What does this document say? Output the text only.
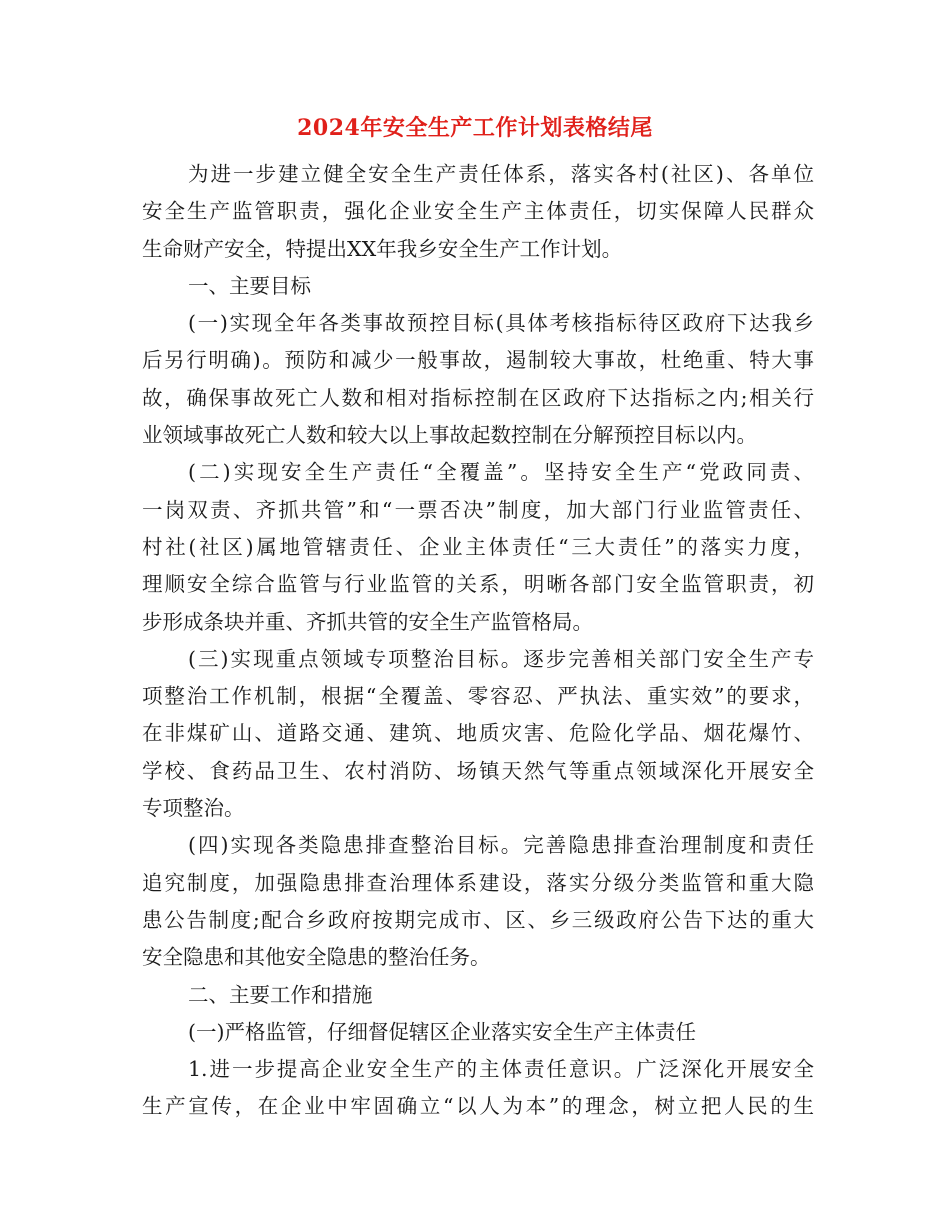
2024年安全生产工作计划表格结尾
为进一步建立健全安全生产责任体系，落实各村(社区)、各单位
安全生产监管职责，强化企业安全生产主体责任，切实保障人民群众
生命财产安全，特提出XX年我乡安全生产工作计划。
一、主要目标
(一)实现全年各类事故预控目标(具体考核指标待区政府下达我乡
后另行明确)。预防和减少一般事故，遏制较大事故，杜绝重、特大事
故，确保事故死亡人数和相对指标控制在区政府下达指标之内;相关行
业领域事故死亡人数和较大以上事故起数控制在分解预控目标以内。
(二)实现安全生产责任“全覆盖”。坚持安全生产“党政同责、
一岗双责、齐抓共管”和“一票否决”制度，加大部门行业监管责任、
村社(社区)属地管辖责任、企业主体责任“三大责任”的落实力度，
理顺安全综合监管与行业监管的关系，明晰各部门安全监管职责，初
步形成条块并重、齐抓共管的安全生产监管格局。
(三)实现重点领域专项整治目标。逐步完善相关部门安全生产专
项整治工作机制，根据“全覆盖、零容忍、严执法、重实效”的要求，
在非煤矿山、道路交通、建筑、地质灾害、危险化学品、烟花爆竹、
学校、食药品卫生、农村消防、场镇天然气等重点领域深化开展安全
专项整治。
(四)实现各类隐患排查整治目标。完善隐患排查治理制度和责任
追究制度，加强隐患排查治理体系建设，落实分级分类监管和重大隐
患公告制度;配合乡政府按期完成市、区、乡三级政府公告下达的重大
安全隐患和其他安全隐患的整治任务。
二、主要工作和措施
(一)严格监管，仔细督促辖区企业落实安全生产主体责任
1.进一步提高企业安全生产的主体责任意识。广泛深化开展安全
生产宣传，在企业中牢固确立“以人为本”的理念，树立把人民的生
